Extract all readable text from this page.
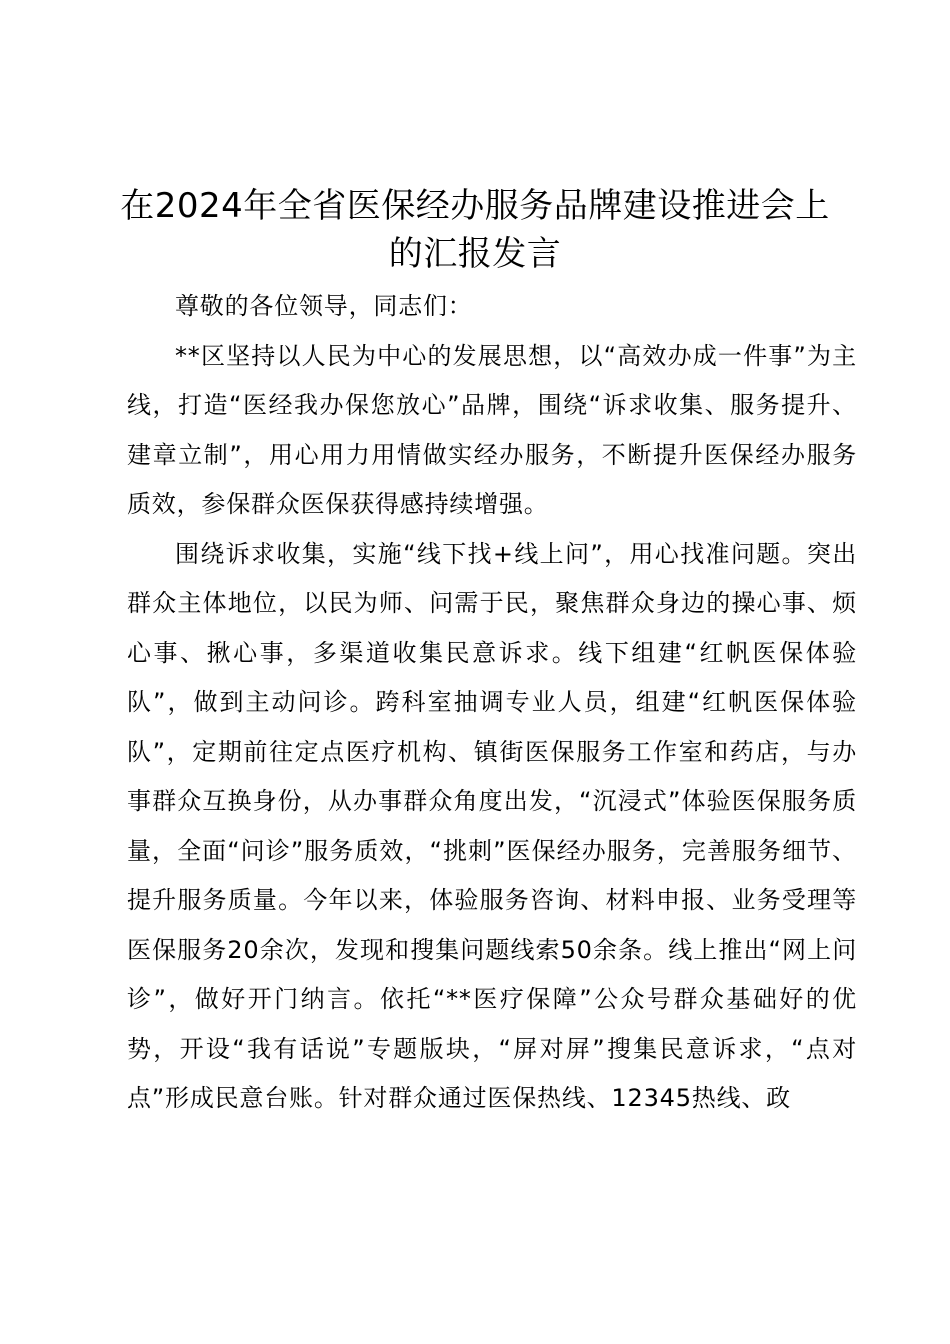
在2024年全省医保经办服务品牌建设推进会上的汇报发言

尊敬的各位领导，同志们：

**区坚持以人民为中心的发展思想，以“高效办成一件事”为主线，打造“医经我办保您放心”品牌，围绕“诉求收集、服务提升、建章立制”，用心用力用情做实经办服务，不断提升医保经办服务质效，参保群众医保获得感持续增强。

围绕诉求收集，实施“线下找+线上问”，用心找准问题。突出群众主体地位，以民为师、问需于民，聚焦群众身边的操心事、烦心事、揪心事，多渠道收集民意诉求。线下组建“红帆医保体验队”，做到主动问诊。跨科室抽调专业人员，组建“红帆医保体验队”，定期前往定点医疗机构、镇街医保服务工作室和药店，与办事群众互换身份，从办事群众角度出发，“沉浸式”体验医保服务质量，全面“问诊”服务质效，“挑刺”医保经办服务，完善服务细节、提升服务质量。今年以来，体验服务咨询、材料申报、业务受理等医保服务20余次，发现和搜集问题线索50余条。线上推出“网上问诊”，做好开门纳言。依托“**医疗保障”公众号群众基础好的优势，开设“我有话说”专题版块，“屏对屏”搜集民意诉求，“点对点”形成民意台账。针对群众通过医保热线、12345热线、政
